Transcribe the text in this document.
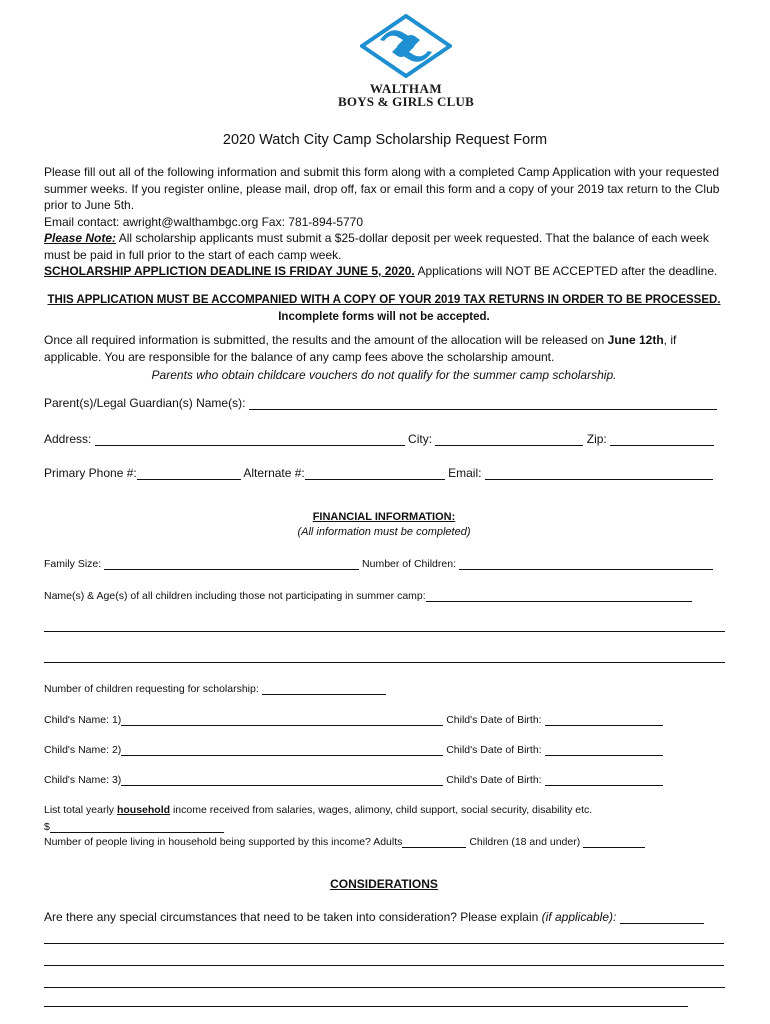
WALTHAM
BOYS & GIRLS CLUB
2020 Watch City Camp Scholarship Request Form
Please fill out all of the following information and submit this form along with a completed Camp Application with your requested summer weeks. If you register online, please mail, drop off, fax or email this form and a copy of your 2019 tax return to the Club prior to June 5th.
Email contact: awright@walthambgc.org Fax: 781-894-5770
Please Note: All scholarship applicants must submit a $25-dollar deposit per week requested. That the balance of each week must be paid in full prior to the start of each camp week.
SCHOLARSHIP APPLICTION DEADLINE IS FRIDAY JUNE 5, 2020. Applications will NOT BE ACCEPTED after the deadline.
THIS APPLICATION MUST BE ACCOMPANIED WITH A COPY OF YOUR 2019 TAX RETURNS IN ORDER TO BE PROCESSED.
Incomplete forms will not be accepted.
Once all required information is submitted, the results and the amount of the allocation will be released on June 12th, if applicable. You are responsible for the balance of any camp fees above the scholarship amount.
Parents who obtain childcare vouchers do not qualify for the summer camp scholarship.
Parent(s)/Legal Guardian(s) Name(s):
Address:	City:	Zip:
Primary Phone #:	Alternate #:	Email:
FINANCIAL INFORMATION:
(All information must be completed)
Family Size:	Number of Children:
Name(s) & Age(s) of all children including those not participating in summer camp:
Number of children requesting for scholarship:
Child's Name: 1)	Child's Date of Birth:
Child's Name: 2)	Child's Date of Birth:
Child's Name: 3)	Child's Date of Birth:
List total yearly household income received from salaries, wages, alimony, child support, social security, disability etc.
$
Number of people living in household being supported by this income? Adults	Children (18 and under)
CONSIDERATIONS
Are there any special circumstances that need to be taken into consideration? Please explain (if applicable):
